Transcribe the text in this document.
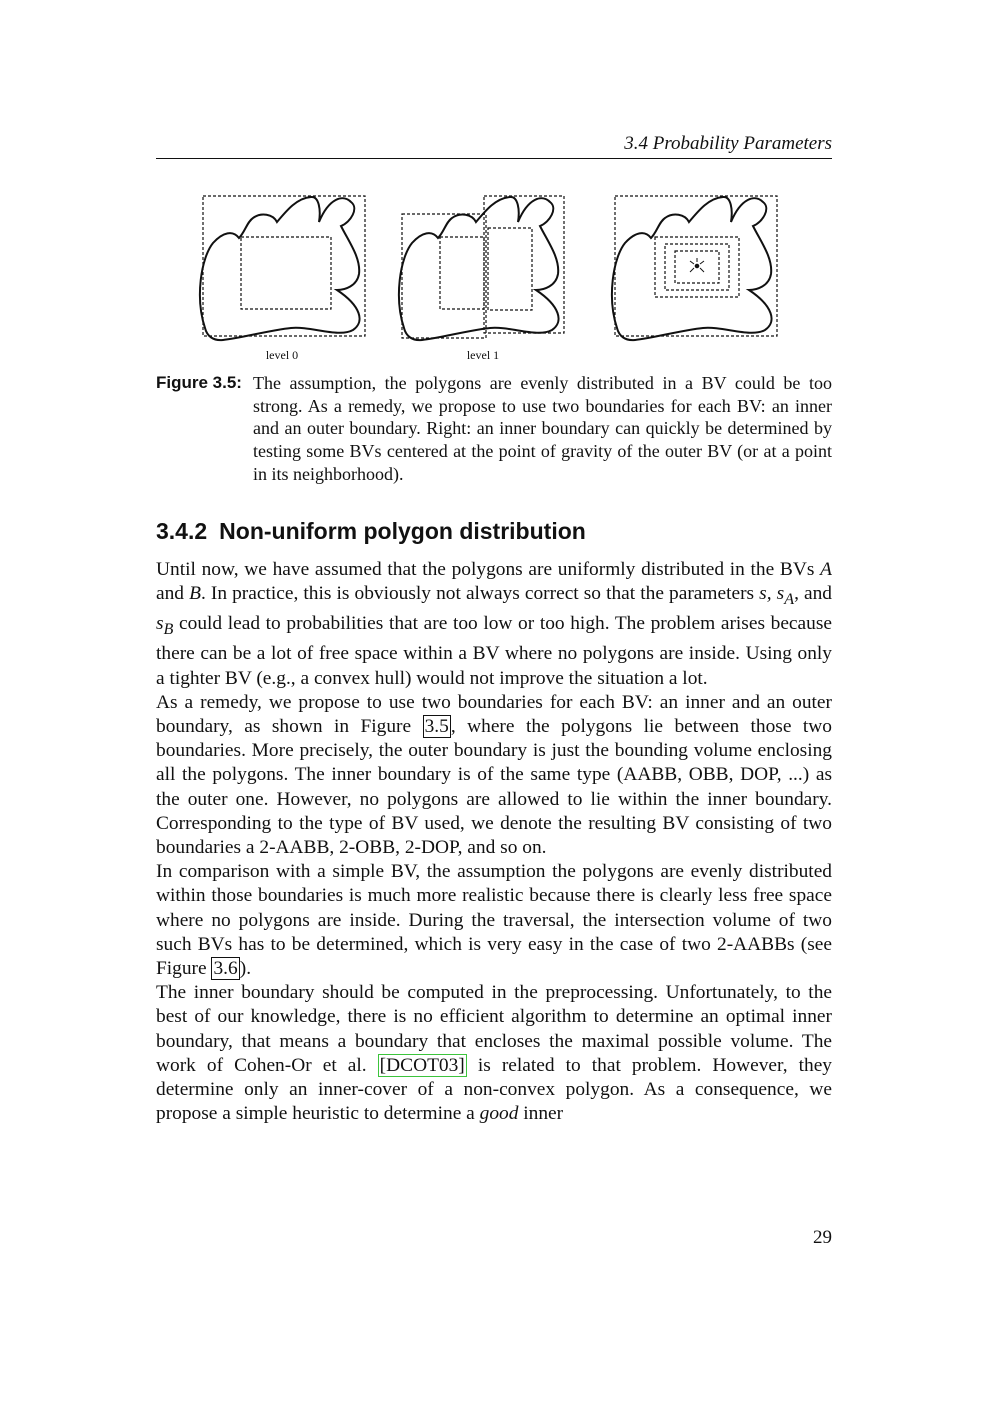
3.4 Probability Parameters
level 0	level 1
Figure 3.5: The assumption, the polygons are evenly distributed in a BV could be too strong. As a remedy, we propose to use two boundaries for each BV: an inner and an outer boundary. Right: an inner boundary can quickly be determined by testing some BVs centered at the point of gravity of the outer BV (or at a point in its neighborhood).
3.4.2 Non-uniform polygon distribution

Until now, we have assumed that the polygons are uniformly distributed in the BVs A and B. In practice, this is obviously not always correct so that the parameters s, $s_A$, and $s_B$ could lead to probabilities that are too low or too high. The problem arises because there can be a lot of free space within a BV where no polygons are inside. Using only a tighter BV (e.g., a convex hull) would not improve the situation a lot.

As a remedy, we propose to use two boundaries for each BV: an inner and an outer boundary, as shown in Figure 3.5 , where the polygons lie between those two boundaries. More precisely, the outer boundary is just the bounding volume enclosing all the polygons. The inner boundary is of the same type (AABB, OBB, DOP, ...) as the outer one. However, no polygons are allowed to lie within the inner boundary. Corresponding to the type of BV used, we denote the resulting BV consisting of two boundaries a 2-AABB, 2-OBB, 2-DOP, and so on.

In comparison with a simple BV, the assumption the polygons are evenly distributed within those boundaries is much more realistic because there is clearly less free space where no polygons are inside. During the traversal, the intersection volume of two such BVs has to be determined, which is very easy in the case of two 2-AABBs (see Figure 3.6 ).

The inner boundary should be computed in the preprocessing. Unfortunately, to the best of our knowledge, there is no efficient algorithm to determine an optimal inner boundary, that means a boundary that encloses the maximal possible volume. The work of Cohen-Or et al. [DCOT03] is related to that problem. However, they determine only an inner-cover of a non-convex polygon. As a consequence, we propose a simple heuristic to determine a good inner

29
